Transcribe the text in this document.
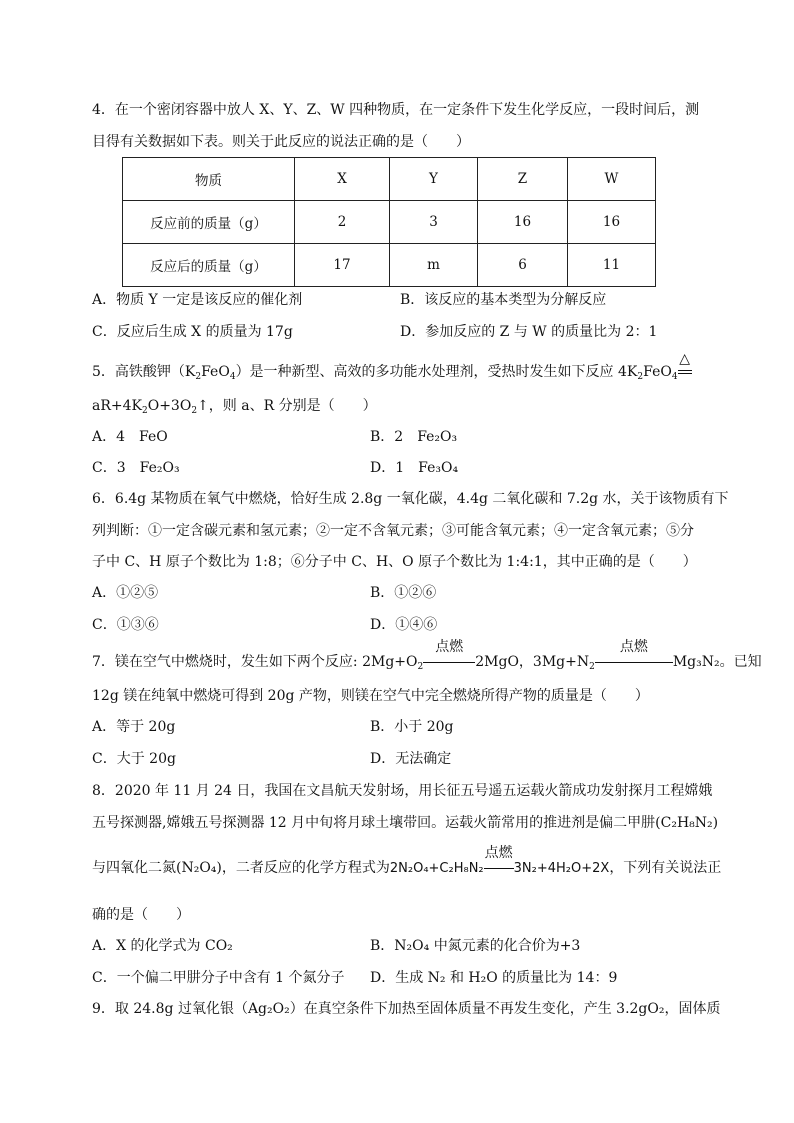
4．在一个密闭容器中放人 X、Y、Z、W 四种物质，在一定条件下发生化学反应，一段时间后，测
目得有关数据如下表。则关于此反应的说法正确的是（　　）
物质	X	Y	Z	W
反应前的质量（g）	2	3	16	16
反应后的质量（g）	17	m	6	11
A．物质 Y 一定是该反应的催化剂	B．该反应的基本类型为分解反应
C．反应后生成 X 的质量为 17g	D．参加反应的 Z 与 W 的质量比为 2：1
5．高铁酸钾$(K_2FeO_4)$是一种新型、高效的多功能水处理剂，受热时发生如下反应 $4K_2FeO_4$
△
$aR+4K_2O+3O_2↑$，则 a、R 分别是（　　）
A．4　FeO	B．2　Fe₂O₃
C．3　Fe₂O₃	D．1　Fe₃O₄
6．6.4g 某物质在氧气中燃烧，恰好生成 2.8g 一氧化碳，4.4g 二氧化碳和 7.2g 水，关于该物质有下
列判断：①一定含碳元素和氢元素；②一定不含氧元素；③可能含氧元素；④一定含氧元素；⑤分
子中 C、H 原子个数比为 1:8；⑥分子中 C、H、O 原子个数比为 1:4:1，其中正确的是（　　）
A．①②⑤	B．①②⑥
C．①③⑥	D．①④⑥
7．镁在空气中燃烧时，发生如下两个反应: $2Mg+O_2$
点燃
2MgO，$3Mg+N_2$
点燃
Mg₃N₂。已知
12g 镁在纯氧中燃烧可得到 20g 产物，则镁在空气中完全燃烧所得产物的质量是（　　）
A．等于 20g	B．小于 20g
C．大于 20g	D．无法确定
8．2020 年 11 月 24 日，我国在文昌航天发射场，用长征五号遥五运载火箭成功发射探月工程嫦娥
五号探测器,嫦娥五号探测器 12 月中旬将月球土壤带回。运载火箭常用的推进剂是偏二甲肼(C₂H₈N₂)
与四氧化二氮(N₂O₄)，二者反应的化学方程式为2N₂O₄+C₂H₈N₂
点燃
3N₂+4H₂O+2X，下列有关说法正
确的是（　　）
A．X 的化学式为 CO₂	B．N₂O₄ 中氮元素的化合价为+3
C．一个偏二甲肼分子中含有 1 个氮分子 D．生成 N₂ 和 H₂O 的质量比为 14：9
9．取 24.8g 过氧化银（Ag₂O₂）在真空条件下加热至固体质量不再发生变化，产生 3.2gO₂，固体质
